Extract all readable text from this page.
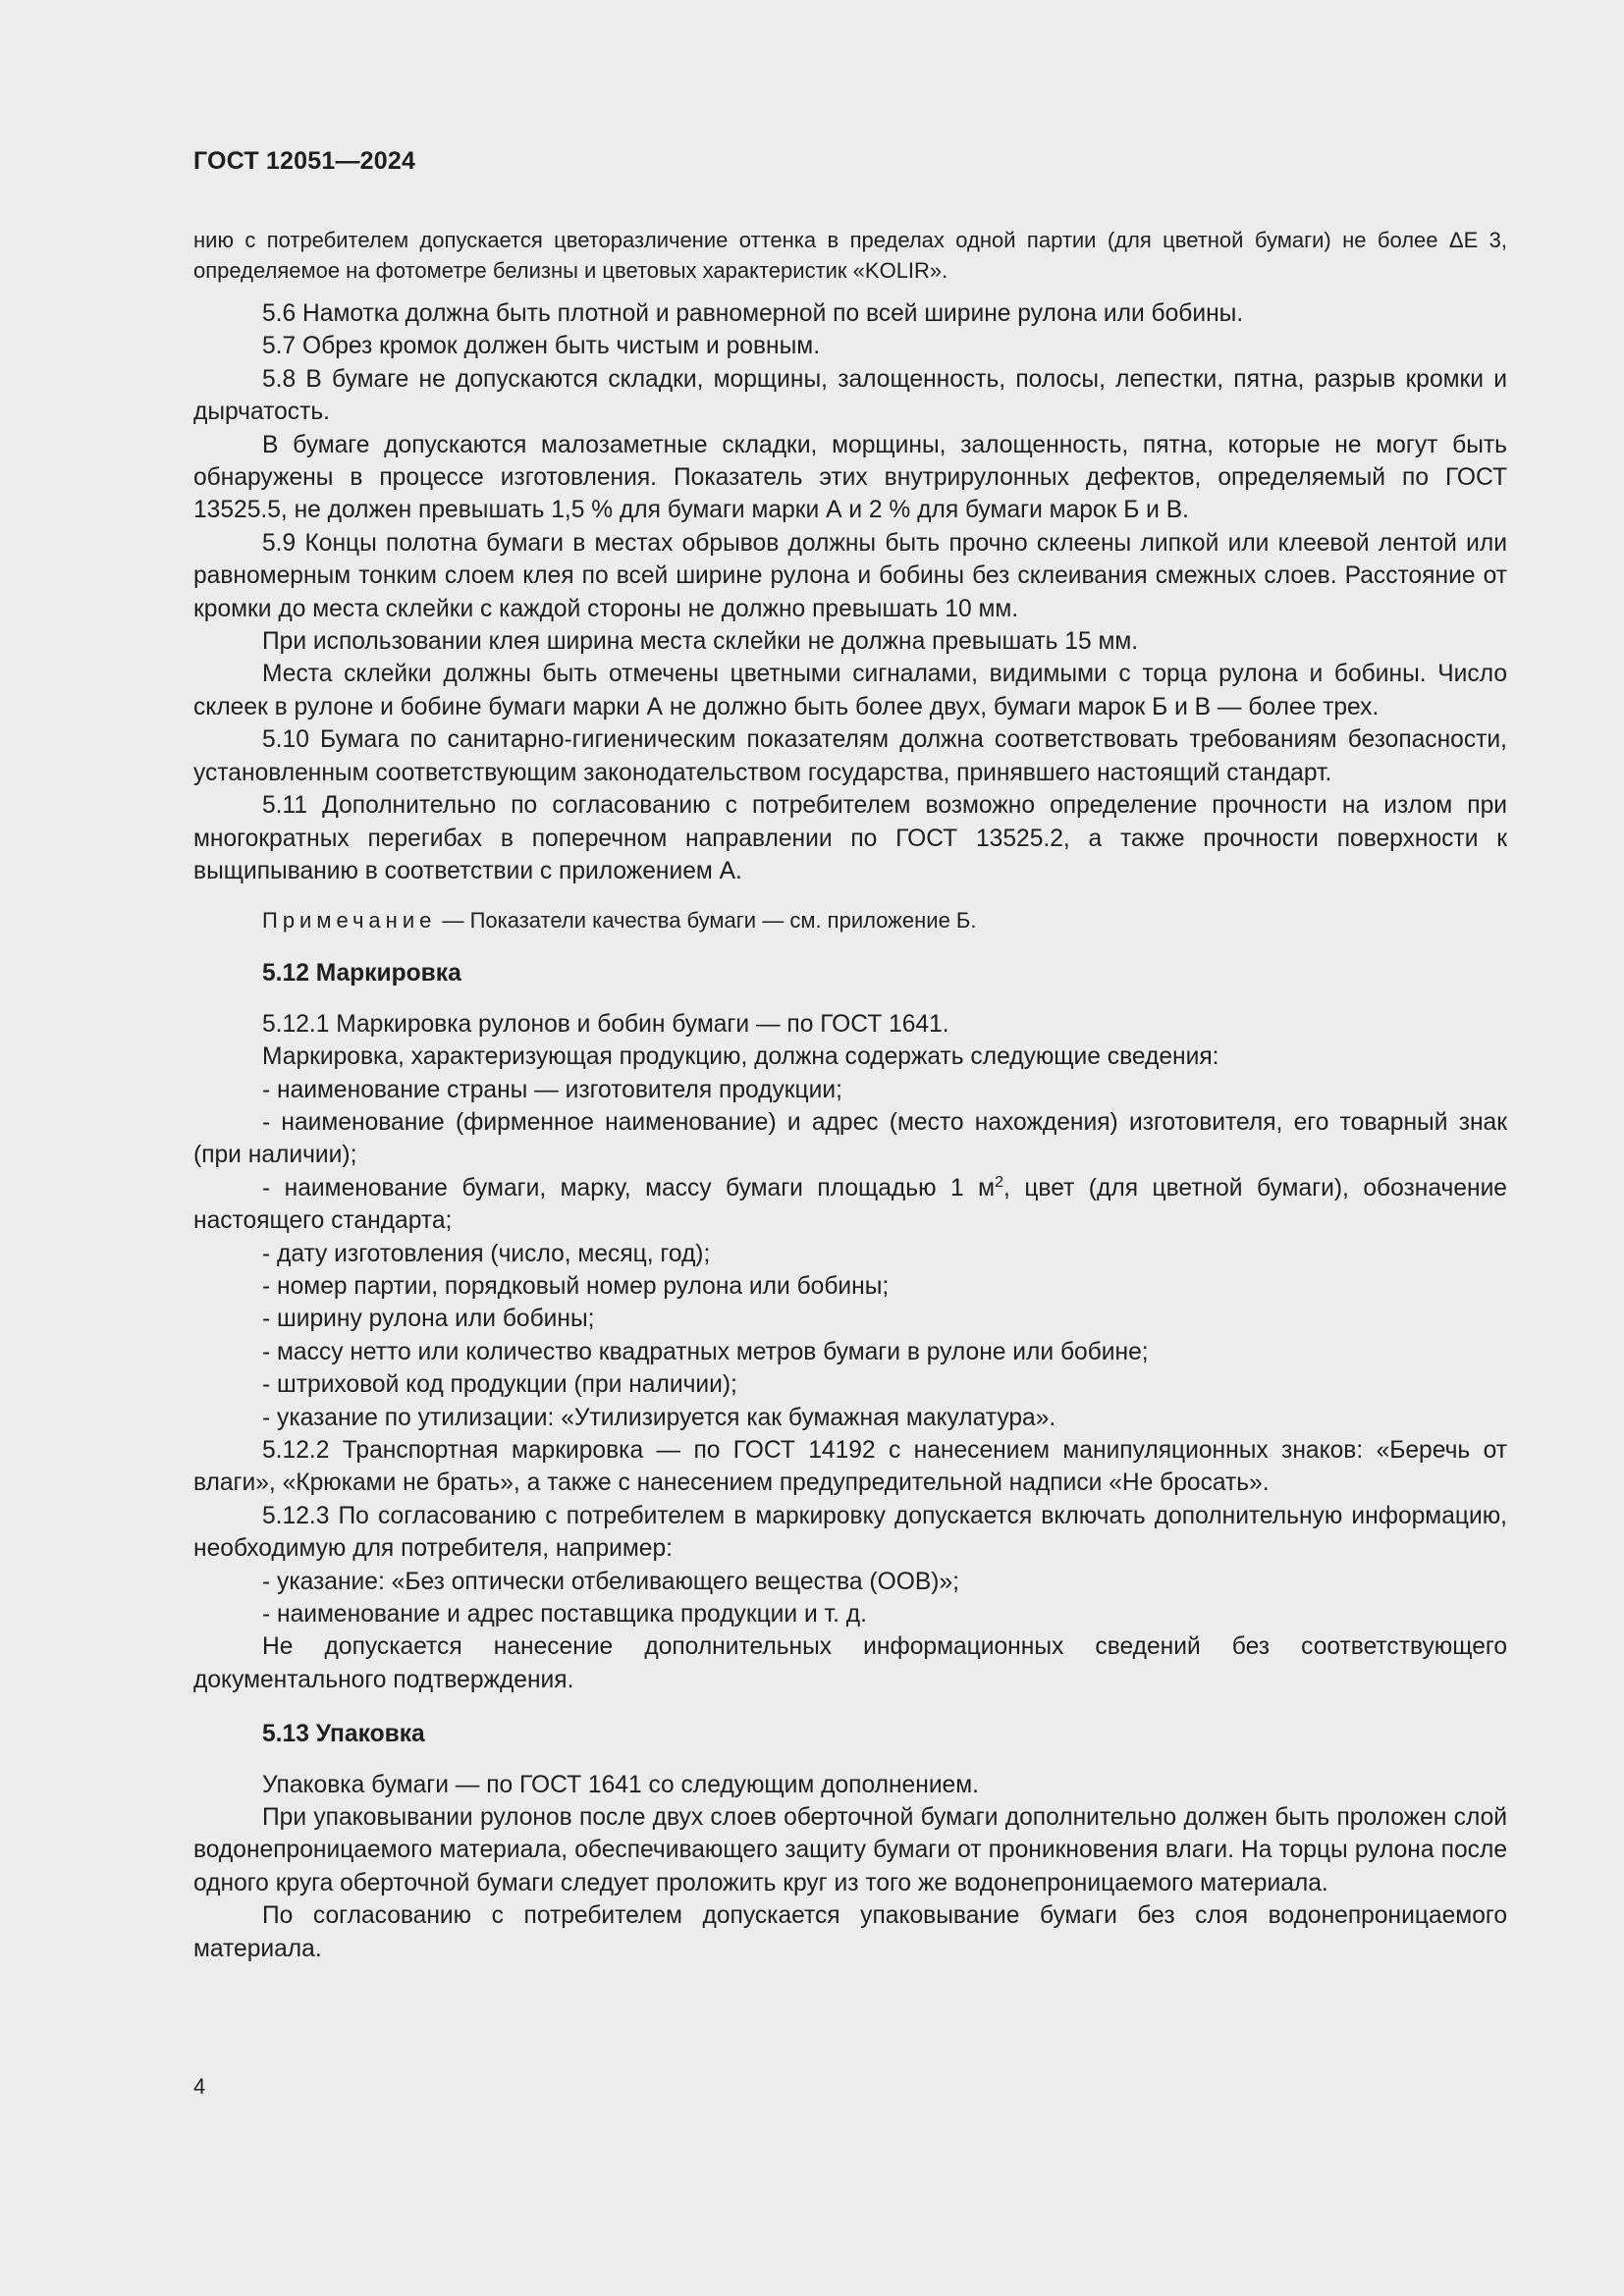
ГОСТ 12051—2024

нию с потребителем допускается цветоразличение оттенка в пределах одной партии (для цветной бумаги) не более ΔЕ 3, определяемое на фотометре белизны и цветовых характеристик «KOLIR».

5.6 Намотка должна быть плотной и равномерной по всей ширине рулона или бобины.

5.7 Обрез кромок должен быть чистым и ровным.

5.8 В бумаге не допускаются складки, морщины, залощенность, полосы, лепестки, пятна, разрыв кромки и дырчатость.

В бумаге допускаются малозаметные складки, морщины, залощенность, пятна, которые не могут быть обнаружены в процессе изготовления. Показатель этих внутрирулонных дефектов, определяемый по ГОСТ 13525.5, не должен превышать 1,5 % для бумаги марки А и 2 % для бумаги марок Б и В.

5.9 Концы полотна бумаги в местах обрывов должны быть прочно склеены липкой или клеевой лентой или равномерным тонким слоем клея по всей ширине рулона и бобины без склеивания смежных слоев. Расстояние от кромки до места склейки с каждой стороны не должно превышать 10 мм.

При использовании клея ширина места склейки не должна превышать 15 мм.

Места склейки должны быть отмечены цветными сигналами, видимыми с торца рулона и бобины. Число склеек в рулоне и бобине бумаги марки А не должно быть более двух, бумаги марок Б и В — более трех.

5.10 Бумага по санитарно-гигиеническим показателям должна соответствовать требованиям безопасности, установленным соответствующим законодательством государства, принявшего настоящий стандарт.

5.11 Дополнительно по согласованию с потребителем возможно определение прочности на излом при многократных перегибах в поперечном направлении по ГОСТ 13525.2, а также прочности поверхности к выщипыванию в соответствии с приложением А.

Примечание — Показатели качества бумаги — см. приложение Б.

5.12 Маркировка

5.12.1 Маркировка рулонов и бобин бумаги — по ГОСТ 1641.

Маркировка, характеризующая продукцию, должна содержать следующие сведения:

- наименование страны — изготовителя продукции;

- наименование (фирменное наименование) и адрес (место нахождения) изготовителя, его товарный знак (при наличии);

- наименование бумаги, марку, массу бумаги площадью 1 $м^2$, цвет (для цветной бумаги), обозначение настоящего стандарта;

- дату изготовления (число, месяц, год);

- номер партии, порядковый номер рулона или бобины;

- ширину рулона или бобины;

- массу нетто или количество квадратных метров бумаги в рулоне или бобине;

- штриховой код продукции (при наличии);

- указание по утилизации: «Утилизируется как бумажная макулатура».

5.12.2 Транспортная маркировка — по ГОСТ 14192 с нанесением манипуляционных знаков: «Беречь от влаги», «Крюками не брать», а также с нанесением предупредительной надписи «Не бросать».

5.12.3 По согласованию с потребителем в маркировку допускается включать дополнительную информацию, необходимую для потребителя, например:

- указание: «Без оптически отбеливающего вещества (ООВ)»;

- наименование и адрес поставщика продукции и т. д.

Не допускается нанесение дополнительных информационных сведений без соответствующего документального подтверждения.

5.13 Упаковка

Упаковка бумаги — по ГОСТ 1641 со следующим дополнением.

При упаковывании рулонов после двух слоев оберточной бумаги дополнительно должен быть проложен слой водонепроницаемого материала, обеспечивающего защиту бумаги от проникновения влаги. На торцы рулона после одного круга оберточной бумаги следует проложить круг из того же водонепроницаемого материала.

По согласованию с потребителем допускается упаковывание бумаги без слоя водонепроницаемого материала.

4
